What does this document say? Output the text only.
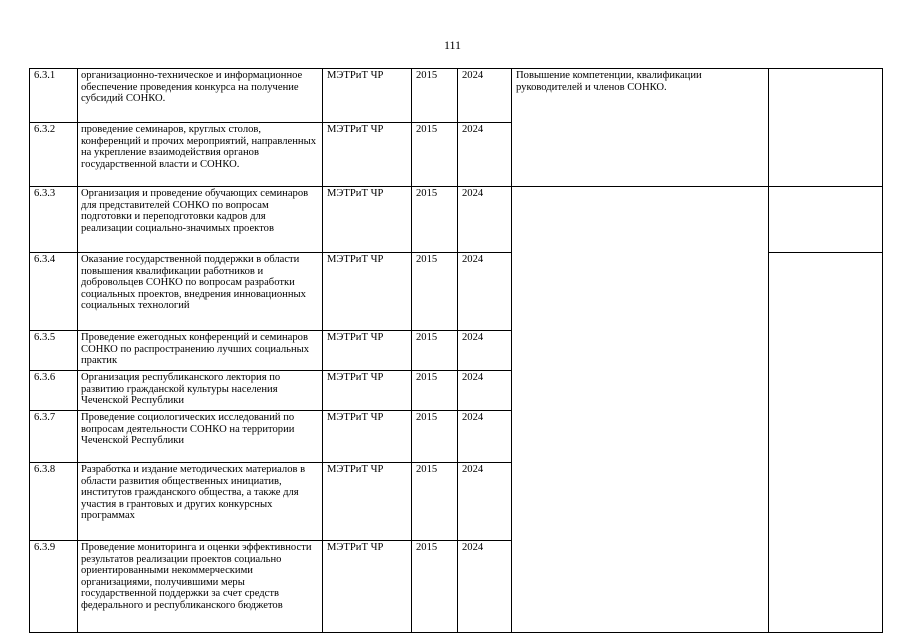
111
6.3.1	организационно-техническое и информационное обеспечение проведения конкурса на получение субсидий СОНКО.	МЭТРиТ ЧР	2015	2024	Повышение компетенции, квалификации руководителей и членов СОНКО.	
6.3.2	проведение семинаров, круглых столов, конференций и прочих мероприятий, направленных на укрепление взаимодействия органов государственной власти и СОНКО.	МЭТРиТ ЧР	2015	2024		
6.3.3	Организация и проведение обучающих семинаров для представителей СОНКО по вопросам подготовки и переподготовки кадров для реализации социально-значимых проектов	МЭТРиТ ЧР	2015	2024		
6.3.4	Оказание государственной поддержки в области повышения квалификации работников и добровольцев СОНКО по вопросам разработки социальных проектов, внедрения инновационных социальных технологий	МЭТРиТ ЧР	2015	2024		
6.3.5	Проведение ежегодных конференций и семинаров СОНКО по распространению лучших социальных практик	МЭТРиТ ЧР	2015	2024		
6.3.6	Организация республиканского лектория по развитию гражданской культуры населения Чеченской Республики	МЭТРиТ ЧР	2015	2024		
6.3.7	Проведение социологических исследований по вопросам деятельности СОНКО на территории Чеченской Республики	МЭТРиТ ЧР	2015	2024		
6.3.8	Разработка и издание методических материалов в области развития общественных инициатив, институтов гражданского общества, а также для участия в грантовых и других конкурсных программах	МЭТРиТ ЧР	2015	2024		
6.3.9	Проведение мониторинга и оценки эффективности результатов реализации проектов социально ориентированными некоммерческими организациями, получившими меры государственной поддержки за счет средств федерального и республиканского бюджетов	МЭТРиТ ЧР	2015	2024		
